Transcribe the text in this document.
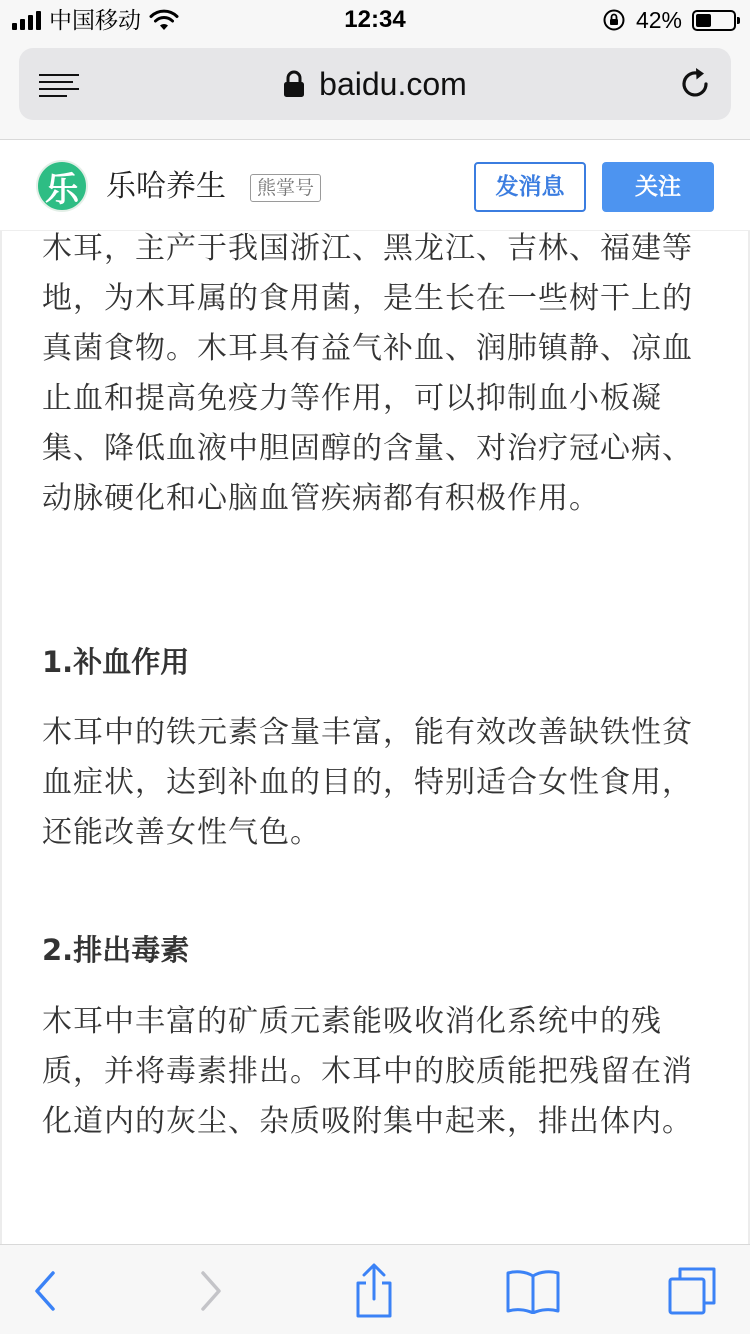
中国移动	12:34	42%
baidu.com
乐 乐哈养生	熊掌号	发消息	关注

木耳，主产于我国浙江、黑龙江、吉林、福建等地，为木耳属的食用菌，是生长在一些树干上的真菌食物。木耳具有益气补血、润肺镇静、凉血止血和提高免疫力等作用，可以抑制血小板凝集、降低血液中胆固醇的含量、对治疗冠心病、动脉硬化和心脑血管疾病都有积极作用。

1.补血作用

木耳中的铁元素含量丰富，能有效改善缺铁性贫血症状，达到补血的目的，特别适合女性食用，还能改善女性气色。

2.排出毒素

木耳中丰富的矿质元素能吸收消化系统中的残质，并将毒素排出。木耳中的胶质能把残留在消化道内的灰尘、杂质吸附集中起来，排出体内。
